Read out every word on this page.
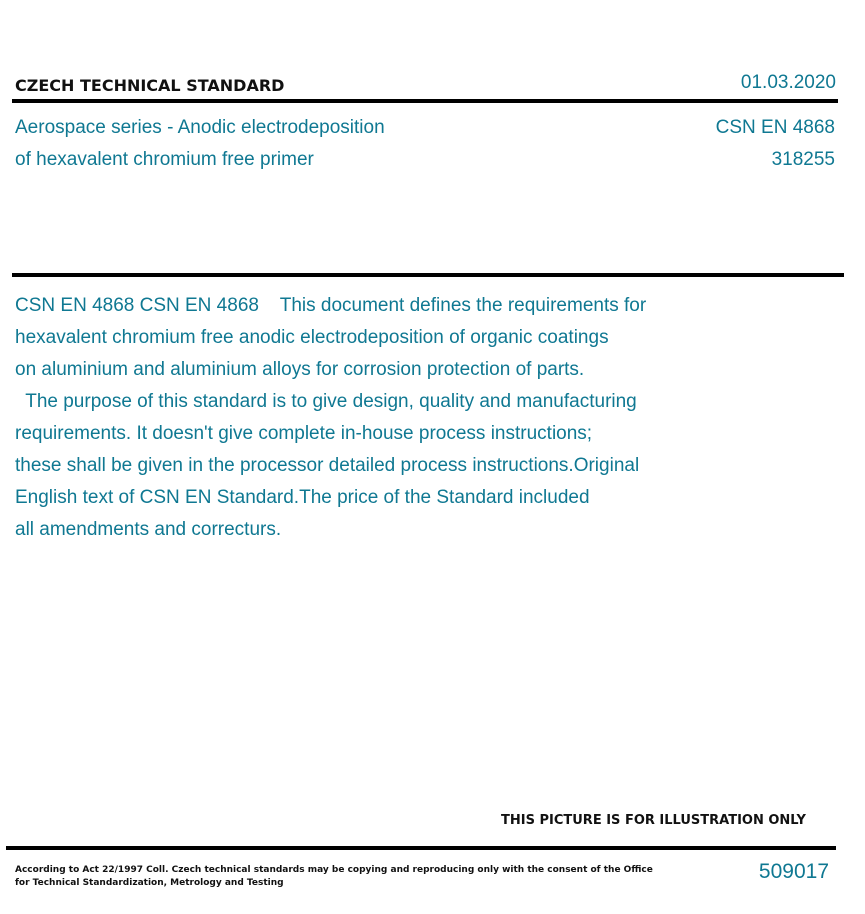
CZECH TECHNICAL STANDARD	01.03.2020
Aerospace series - Anodic electrodeposition
of hexavalent chromium free primer
CSN EN 4868
318255
CSN EN 4868 CSN EN 4868    This document defines the requirements for
hexavalent chromium free anodic electrodeposition of organic coatings
on aluminium and aluminium alloys for corrosion protection of parts.
The purpose of this standard is to give design, quality and manufacturing
requirements. It doesn't give complete in-house process instructions;
these shall be given in the processor detailed process instructions.Original
English text of CSN EN Standard.The price of the Standard included
all amendments and correcturs.
THIS PICTURE IS FOR ILLUSTRATION ONLY
According to Act 22/1997 Coll. Czech technical standards may be copying and reproducing only with the consent of the Office
for Technical Standardization, Metrology and Testing	509017
